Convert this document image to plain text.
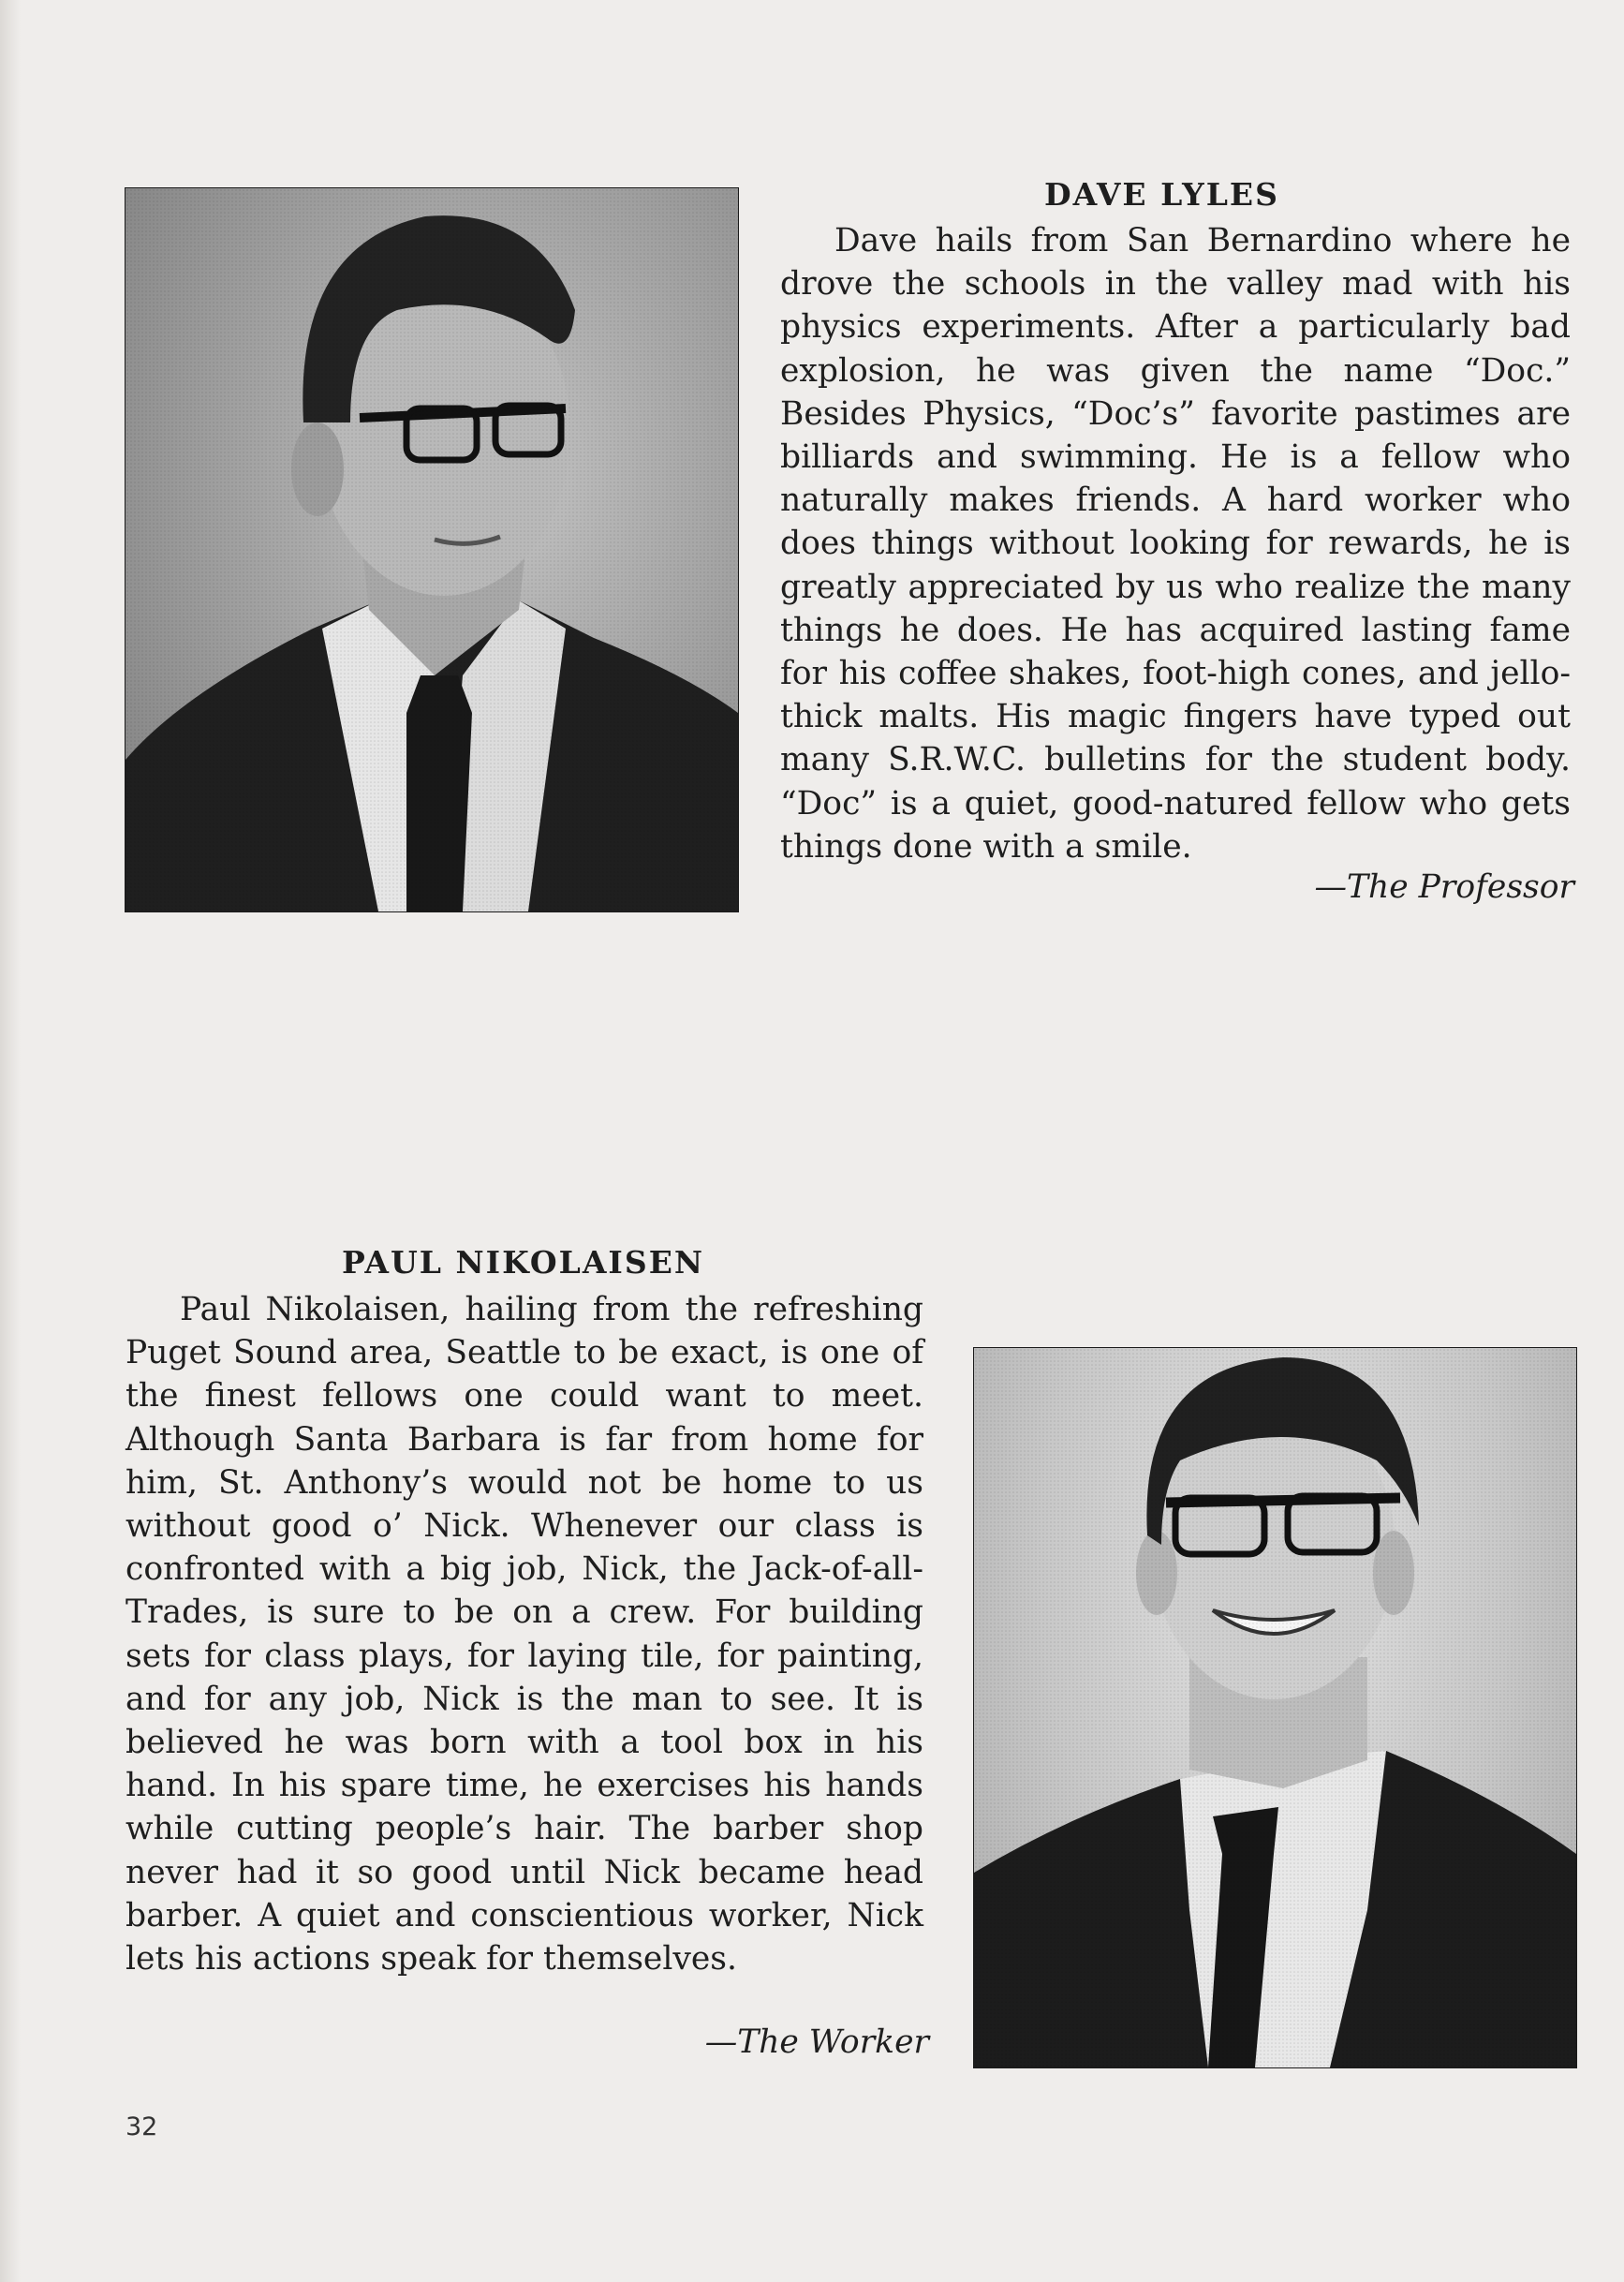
DAVE LYLES

Dave hails from San Bernardino where he drove the schools in the valley mad with his physics experiments. After a particularly bad explosion, he was given the name “Doc.” Besides Physics, “Doc’s” favorite pastimes are billiards and swimming. He is a fellow who naturally makes friends. A hard worker who does things without looking for rewards, he is greatly appreciated by us who realize the many things he does. He has acquired lasting fame for his coffee shakes, foot-high cones, and jello-thick malts. His magic fingers have typed out many S.R.W.C. bulletins for the student body. “Doc” is a quiet, good-natured fellow who gets things done with a smile.

—The Professor
PAUL NIKOLAISEN

Paul Nikolaisen, hailing from the refreshing Puget Sound area, Seattle to be exact, is one of the finest fellows one could want to meet. Although Santa Barbara is far from home for him, St. Anthony’s would not be home to us without good o’ Nick. Whenever our class is confronted with a big job, Nick, the Jack-of-all-Trades, is sure to be on a crew. For building sets for class plays, for laying tile, for painting, and for any job, Nick is the man to see. It is believed he was born with a tool box in his hand. In his spare time, he exercises his hands while cutting people’s hair. The barber shop never had it so good until Nick became head barber. A quiet and conscientious worker, Nick lets his actions speak for themselves.

—The Worker
32
